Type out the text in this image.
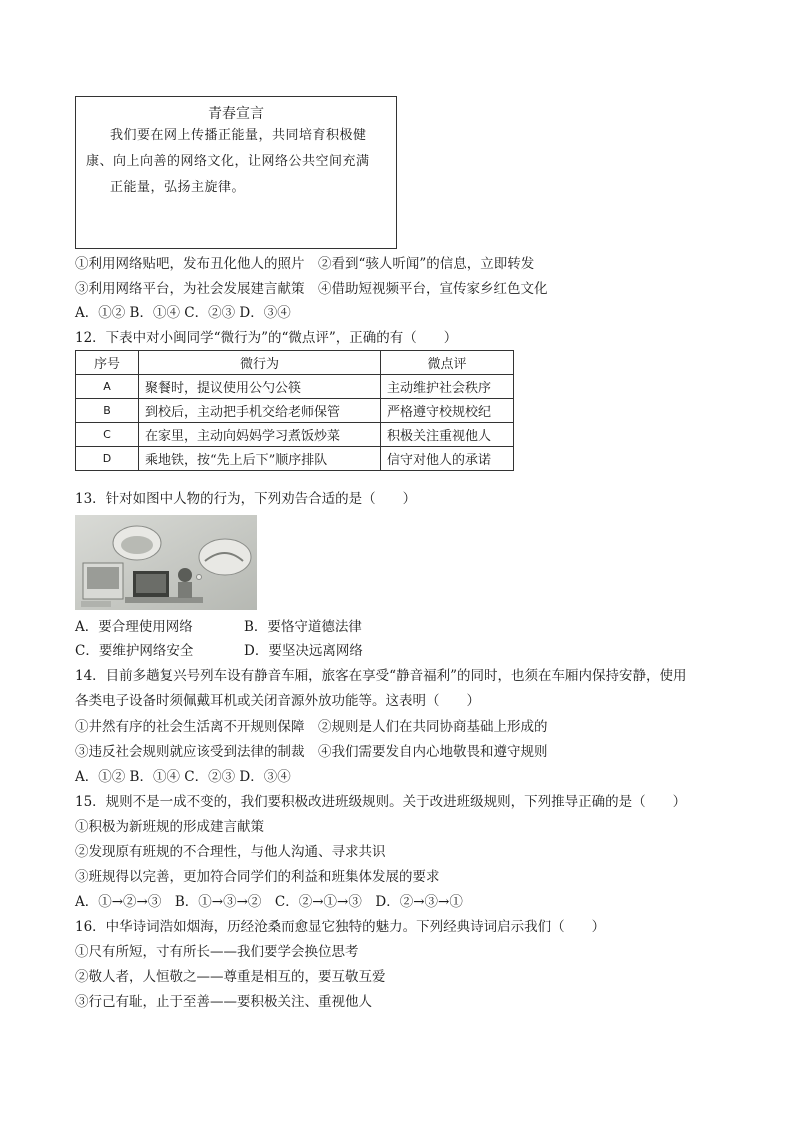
青春宣言
我们要在网上传播正能量，共同培育积极健
康、向上向善的网络文化，让网络公共空间充满
正能量，弘扬主旋律。
①利用网络贴吧，发布丑化他人的照片　②看到“骇人听闻”的信息，立即转发
③利用网络平台，为社会发展建言献策　④借助短视频平台，宣传家乡红色文化
A．①② B．①④ C．②③ D．③④
12．下表中对小闽同学“微行为”的“微点评”，正确的有（　　）
序号	微行为	微点评
A	聚餐时，提议使用公勺公筷	主动维护社会秩序
B	到校后，主动把手机交给老师保管	严格遵守校规校纪
C	在家里，主动向妈妈学习煮饭炒菜	积极关注重视他人
D	乘地铁，按“先上后下”顺序排队	信守对他人的承诺
13．针对如图中人物的行为，下列劝告合适的是（　　）
A．要合理使用网络	B．要恪守道德法律
C．要维护网络安全	D．要坚决远离网络
14．目前多趟复兴号列车设有静音车厢，旅客在享受“静音福利”的同时，也须在车厢内保持安静，使用
各类电子设备时须佩戴耳机或关闭音源外放功能等。这表明（　　）
①井然有序的社会生活离不开规则保障　②规则是人们在共同协商基础上形成的
③违反社会规则就应该受到法律的制裁　④我们需要发自内心地敬畏和遵守规则
A．①② B．①④ C．②③ D．③④
15．规则不是一成不变的，我们要积极改进班级规则。关于改进班级规则，下列推导正确的是（　　）
①积极为新班规的形成建言献策
②发现原有班规的不合理性，与他人沟通、寻求共识
③班规得以完善，更加符合同学们的利益和班集体发展的要求
A．①→②→③　B．①→③→②　C．②→①→③　D．②→③→①
16．中华诗词浩如烟海，历经沧桑而愈显它独特的魅力。下列经典诗词启示我们（　　）
①尺有所短，寸有所长——我们要学会换位思考
②敬人者，人恒敬之——尊重是相互的，要互敬互爱
③行己有耻，止于至善——要积极关注、重视他人
